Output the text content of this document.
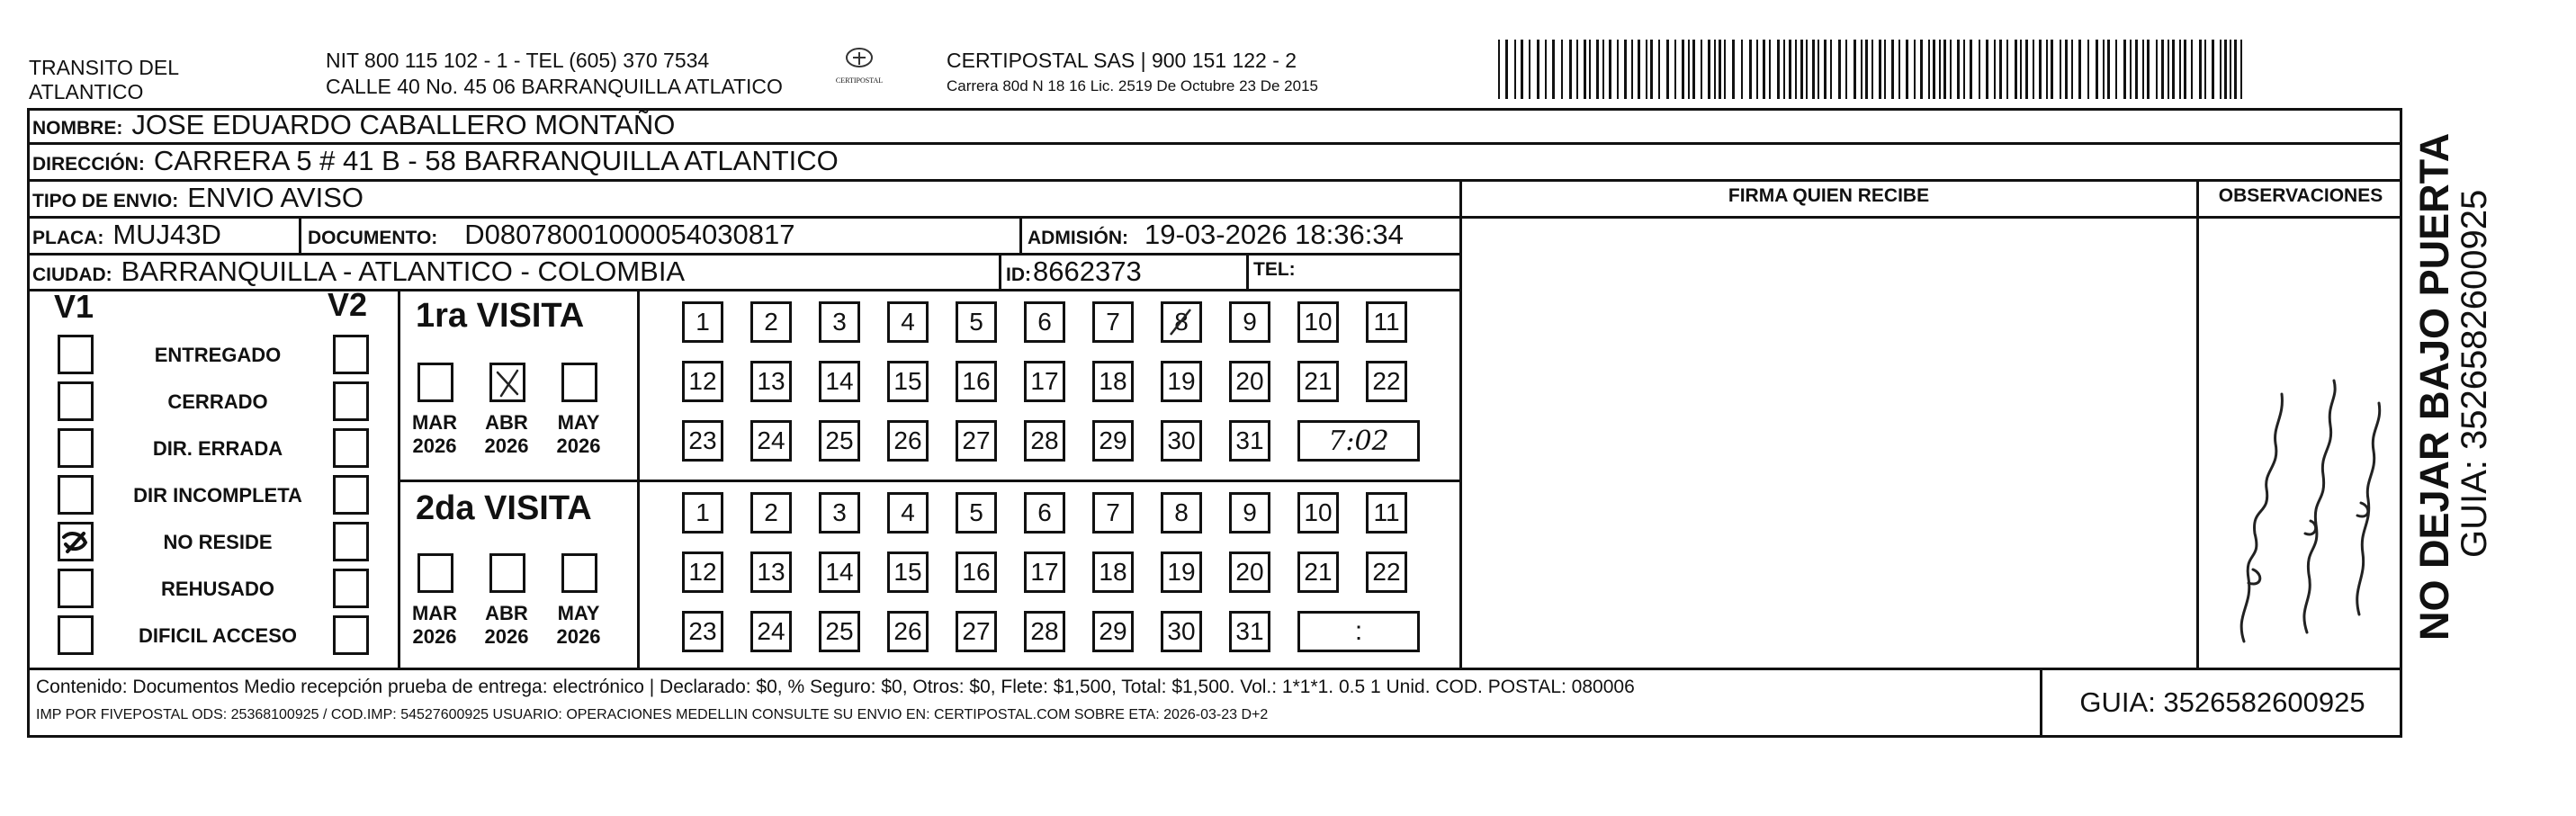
TRANSITO DEL
ATLANTICO
NIT 800 115 102 - 1 - TEL (605) 370 7534
CALLE 40 No. 45 06 BARRANQUILLA ATLATICO	CERTIPOSTAL
CERTIPOSTAL SAS | 900 151 122 - 2
Carrera 80d N 18 16 Lic. 2519 De Octubre 23 De 2015
NOMBRE: JOSE EDUARDO CABALLERO MONTAÑO
DIRECCIÓN: CARRERA 5 # 41 B - 58 BARRANQUILLA ATLANTICO
TIPO DE ENVIO: ENVIO AVISO	FIRMA QUIEN RECIBE	OBSERVACIONES
PLACA: MUJ43D	DOCUMENTO: D08078001000054030817	ADMISIÓN: 19-03-2026 18:36:34
CIUDAD: BARRANQUILLA - ATLANTICO - COLOMBIA	ID: 8662373	TEL:
V1	V2
ENTREGADO
CERRADO
DIR. ERRADA
DIR INCOMPLETA
NO RESIDE
REHUSADO
DIFICIL ACCESO
1ra VISITA
2da VISITA
MAR
2026
ABR
2026
MAY
2026
1 2 3 4 5 6 7 8 9 10 11
12 13 14 15 16 17 18 19 20 21 22
23 24 25 26 27 28 29 30 31 7:02
MAR
2026
ABR
2026
MAY
2026
1 2 3 4 5 6 7 8 9 10 11
12 13 14 15 16 17 18 19 20 21 22
23 24 25 26 27 28 29 30 31	:
Contenido: Documentos Medio recepción prueba de entrega: electrónico | Declarado: $0, % Seguro: $0, Otros: $0, Flete: $1,500, Total: $1,500. Vol.: 1*1*1. 0.5 1 Unid. COD. POSTAL: 080006
IMP POR FIVEPOSTAL ODS: 25368100925 / COD.IMP: 54527600925 USUARIO: OPERACIONES MEDELLIN CONSULTE SU ENVIO EN: CERTIPOSTAL.COM SOBRE ETA: 2026-03-23 D+2	GUIA: 3526582600925
NO DEJAR BAJO PUERTA
GUIA: 3526582600925
